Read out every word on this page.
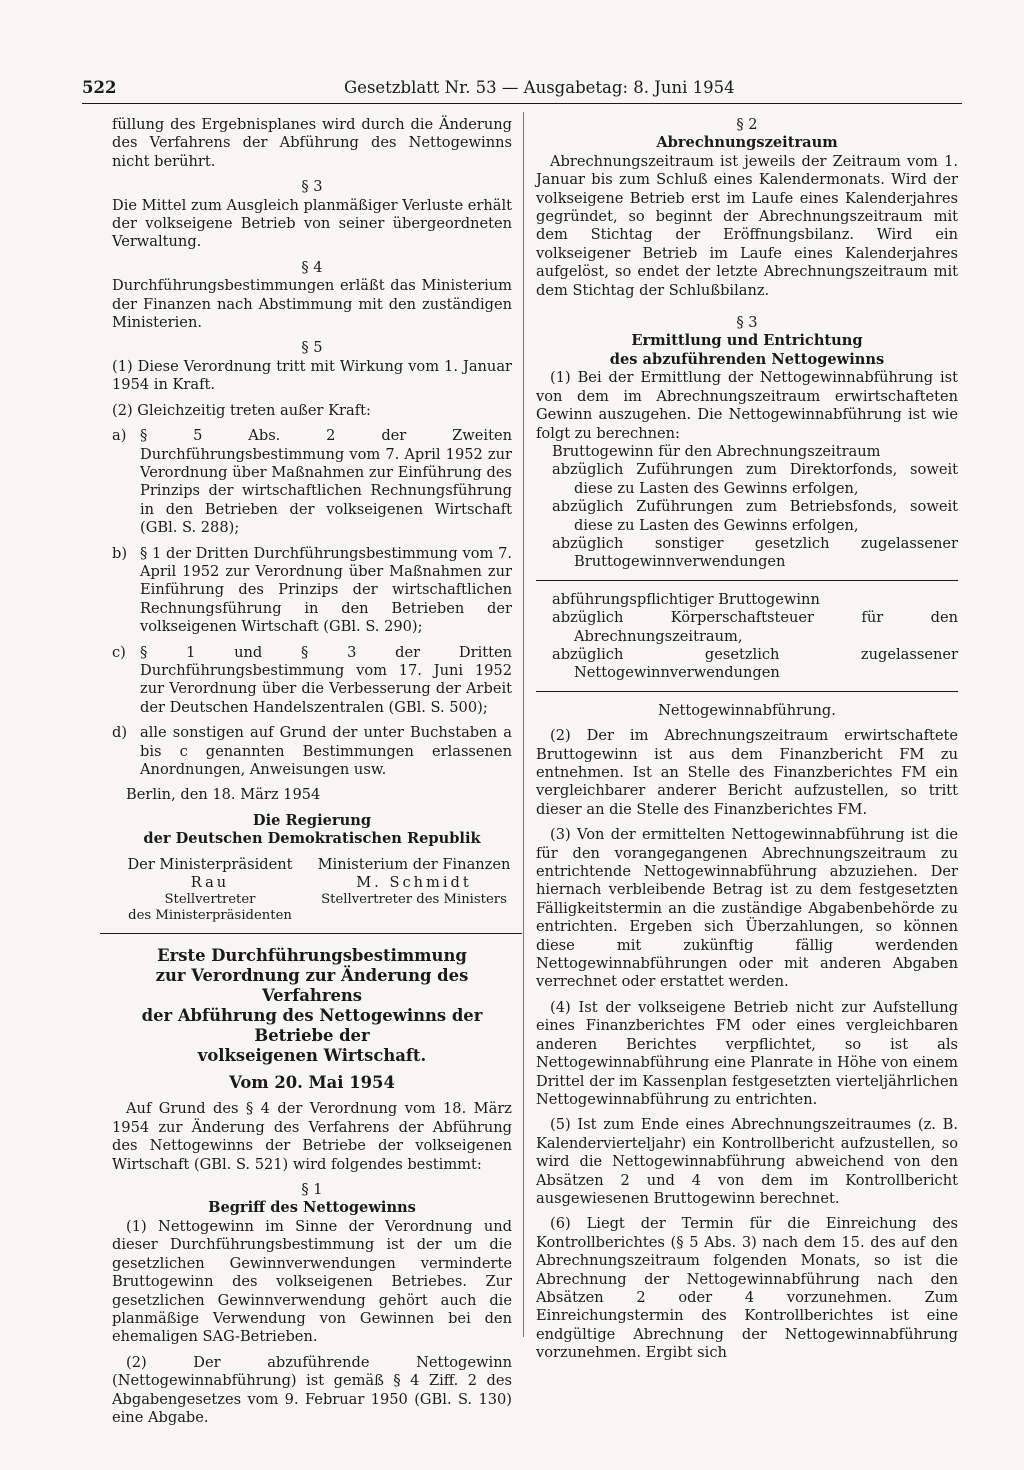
522	Gesetzblatt Nr. 53 — Ausgabetag: 8. Juni 1954

füllung des Ergebnisplanes wird durch die Änderung des Verfahrens der Abführung des Nettogewinns nicht berührt.

§ 3

Die Mittel zum Ausgleich planmäßiger Verluste erhält der volkseigene Betrieb von seiner übergeordneten Verwaltung.

§ 4

Durchführungsbestimmungen erläßt das Ministerium der Finanzen nach Abstimmung mit den zuständigen Ministerien.

§ 5

(1) Diese Verordnung tritt mit Wirkung vom 1. Januar 1954 in Kraft.

(2) Gleichzeitig treten außer Kraft:

a) § 5 Abs. 2 der Zweiten Durchführungsbestimmung vom 7. April 1952 zur Verordnung über Maßnahmen zur Einführung des Prinzips der wirtschaftlichen Rechnungsführung in den Betrieben der volkseigenen Wirtschaft (GBl. S. 288);
b) § 1 der Dritten Durchführungsbestimmung vom 7. April 1952 zur Verordnung über Maßnahmen zur Einführung des Prinzips der wirtschaftlichen Rechnungsführung in den Betrieben der volkseigenen Wirtschaft (GBl. S. 290);
c) § 1 und § 3 der Dritten Durchführungsbestimmung vom 17. Juni 1952 zur Verordnung über die Verbesserung der Arbeit der Deutschen Handelszentralen (GBl. S. 500);
d) alle sonstigen auf Grund der unter Buchstaben a bis c genannten Bestimmungen erlassenen Anordnungen, Anweisungen usw.

Berlin, den 18. März 1954

Die Regierung

der Deutschen Demokratischen Republik

Der Ministerpräsident

Rau

Stellvertreter

des Ministerpräsidenten

Ministerium der Finanzen

M. Schmidt

Stellvertreter des Ministers

Erste Durchführungsbestimmung

zur Verordnung zur Änderung des Verfahrens

der Abführung des Nettogewinns der Betriebe der

volkseigenen Wirtschaft.

Vom 20. Mai 1954

Auf Grund des § 4 der Verordnung vom 18. März 1954 zur Änderung des Verfahrens der Abführung des Nettogewinns der Betriebe der volkseigenen Wirtschaft (GBl. S. 521) wird folgendes bestimmt:

§ 1

Begriff des Nettogewinns

(1) Nettogewinn im Sinne der Verordnung und dieser Durchführungsbestimmung ist der um die gesetzlichen Gewinnverwendungen verminderte Bruttogewinn des volkseigenen Betriebes. Zur gesetzlichen Gewinnverwendung gehört auch die planmäßige Verwendung von Gewinnen bei den ehemaligen SAG-Betrieben.

(2) Der abzuführende Nettogewinn (Nettogewinnabführung) ist gemäß § 4 Ziff. 2 des Abgabengesetzes vom 9. Februar 1950 (GBl. S. 130) eine Abgabe.

§ 2

Abrechnungszeitraum

Abrechnungszeitraum ist jeweils der Zeitraum vom 1. Januar bis zum Schluß eines Kalendermonats. Wird der volkseigene Betrieb erst im Laufe eines Kalenderjahres gegründet, so beginnt der Abrechnungszeitraum mit dem Stichtag der Eröffnungsbilanz. Wird ein volkseigener Betrieb im Laufe eines Kalenderjahres aufgelöst, so endet der letzte Abrechnungszeitraum mit dem Stichtag der Schlußbilanz.

§ 3

Ermittlung und Entrichtung

des abzuführenden Nettogewinns

(1) Bei der Ermittlung der Nettogewinnabführung ist von dem im Abrechnungszeitraum erwirtschafteten Gewinn auszugehen. Die Nettogewinnabführung ist wie folgt zu berechnen:

Bruttogewinn für den Abrechnungszeitraum

abzüglich Zuführungen zum Direktorfonds, soweit diese zu Lasten des Gewinns erfolgen,

abzüglich Zuführungen zum Betriebsfonds, soweit diese zu Lasten des Gewinns erfolgen,

abzüglich sonstiger gesetzlich zugelassener Bruttogewinnverwendungen

abführungspflichtiger Bruttogewinn

abzüglich Körperschaftsteuer für den Abrechnungszeitraum,

abzüglich gesetzlich zugelassener Nettogewinnverwendungen

Nettogewinnabführung.

(2) Der im Abrechnungszeitraum erwirtschaftete Bruttogewinn ist aus dem Finanzbericht FM zu entnehmen. Ist an Stelle des Finanzberichtes FM ein vergleichbarer anderer Bericht aufzustellen, so tritt dieser an die Stelle des Finanzberichtes FM.

(3) Von der ermittelten Nettogewinnabführung ist die für den vorangegangenen Abrechnungszeitraum zu entrichtende Nettogewinnabführung abzuziehen. Der hiernach verbleibende Betrag ist zu dem festgesetzten Fälligkeitstermin an die zuständige Abgabenbehörde zu entrichten. Ergeben sich Überzahlungen, so können diese mit zukünftig fällig werdenden Nettogewinnabführungen oder mit anderen Abgaben verrechnet oder erstattet werden.

(4) Ist der volkseigene Betrieb nicht zur Aufstellung eines Finanzberichtes FM oder eines vergleichbaren anderen Berichtes verpflichtet, so ist als Nettogewinnabführung eine Planrate in Höhe von einem Drittel der im Kassenplan festgesetzten vierteljährlichen Nettogewinnabführung zu entrichten.

(5) Ist zum Ende eines Abrechnungszeitraumes (z. B. Kalendervierteljahr) ein Kontrollbericht aufzustellen, so wird die Nettogewinnabführung abweichend von den Absätzen 2 und 4 von dem im Kontrollbericht ausgewiesenen Bruttogewinn berechnet.

(6) Liegt der Termin für die Einreichung des Kontrollberichtes (§ 5 Abs. 3) nach dem 15. des auf den Abrechnungszeitraum folgenden Monats, so ist die Abrechnung der Nettogewinnabführung nach den Absätzen 2 oder 4 vorzunehmen. Zum Einreichungstermin des Kontrollberichtes ist eine endgültige Abrechnung der Nettogewinnabführung vorzunehmen. Ergibt sich
